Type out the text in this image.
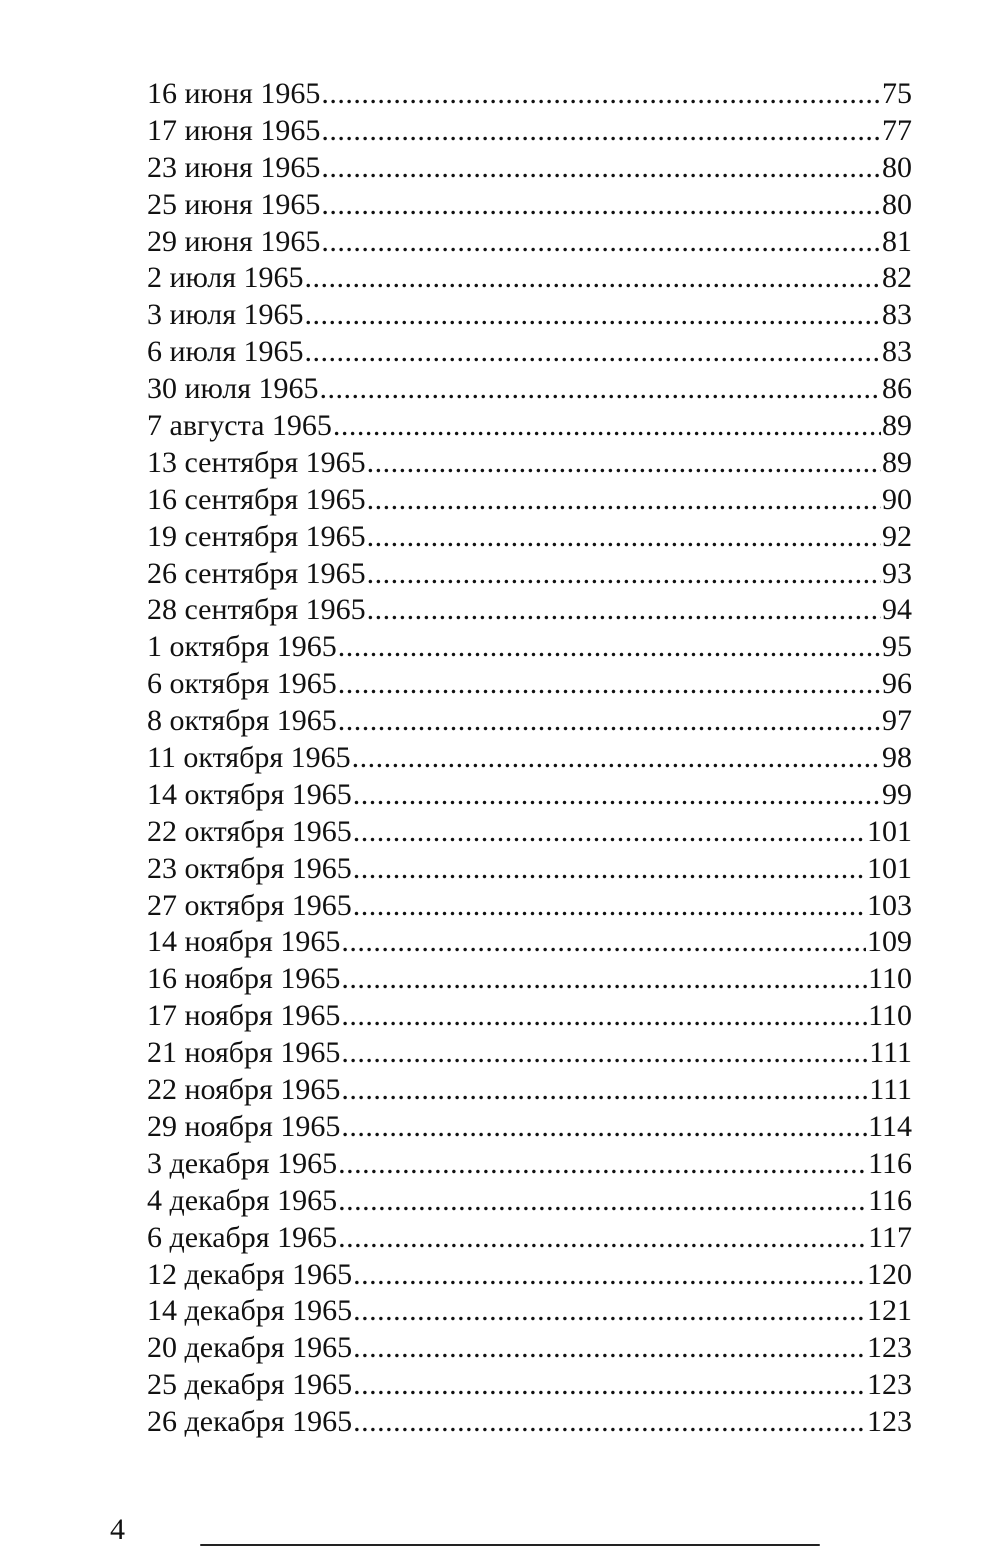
16 июня 1965 .....	75
17 июня 1965 .....	77
23 июня 1965 .....	80
25 июня 1965 .....	80
29 июня 1965 .....	81
2 июля 1965 .....	82
3 июля 1965 .....	83
6 июля 1965 .....	83
30 июля 1965 .....	86
7 августа 1965 .....	89
13 сентября 1965 .....	89
16 сентября 1965 .....	90
19 сентября 1965 .....	92
26 сентября 1965 .....	93
28 сентября 1965 .....	94
1 октября 1965 .....	95
6 октября 1965 .....	96
8 октября 1965 .....	97
11 октября 1965 .....	98
14 октября 1965 .....	99
22 октября 1965 .....	101
23 октября 1965 .....	101
27 октября 1965 .....	103
14 ноября 1965 .....	109
16 ноября 1965 .....	110
17 ноября 1965 .....	110
21 ноября 1965 .....	111
22 ноября 1965 .....	111
29 ноября 1965 .....	114
3 декабря 1965 .....	116
4 декабря 1965 .....	116
6 декабря 1965 .....	117
12 декабря 1965 .....	120
14 декабря 1965 .....	121
20 декабря 1965 .....	123
25 декабря 1965 .....	123
26 декабря 1965 .....	123
4
